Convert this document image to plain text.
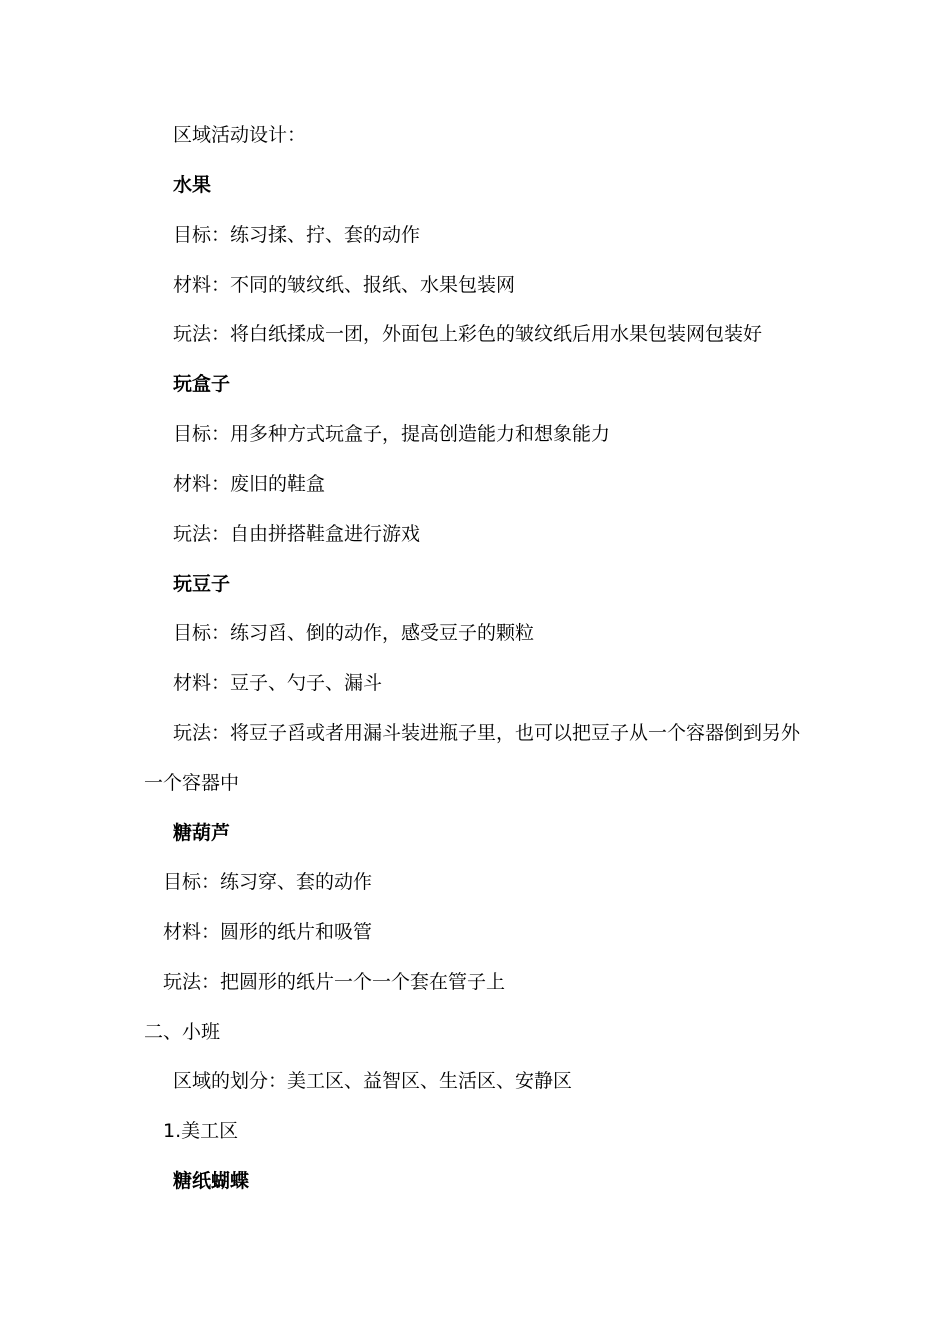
区域活动设计：
水果
目标：练习揉、拧、套的动作
材料：不同的皱纹纸、报纸、水果包装网
玩法：将白纸揉成一团，外面包上彩色的皱纹纸后用水果包装网包装好
玩盒子
目标：用多种方式玩盒子，提高创造能力和想象能力
材料：废旧的鞋盒
玩法：自由拼搭鞋盒进行游戏
玩豆子
目标：练习舀、倒的动作，感受豆子的颗粒
材料：豆子、勺子、漏斗
玩法：将豆子舀或者用漏斗装进瓶子里，也可以把豆子从一个容器倒到另外
一个容器中
糖葫芦
目标：练习穿、套的动作
材料：圆形的纸片和吸管
玩法：把圆形的纸片一个一个套在管子上
二、小班
区域的划分：美工区、益智区、生活区、安静区
1.美工区
糖纸蝴蝶
